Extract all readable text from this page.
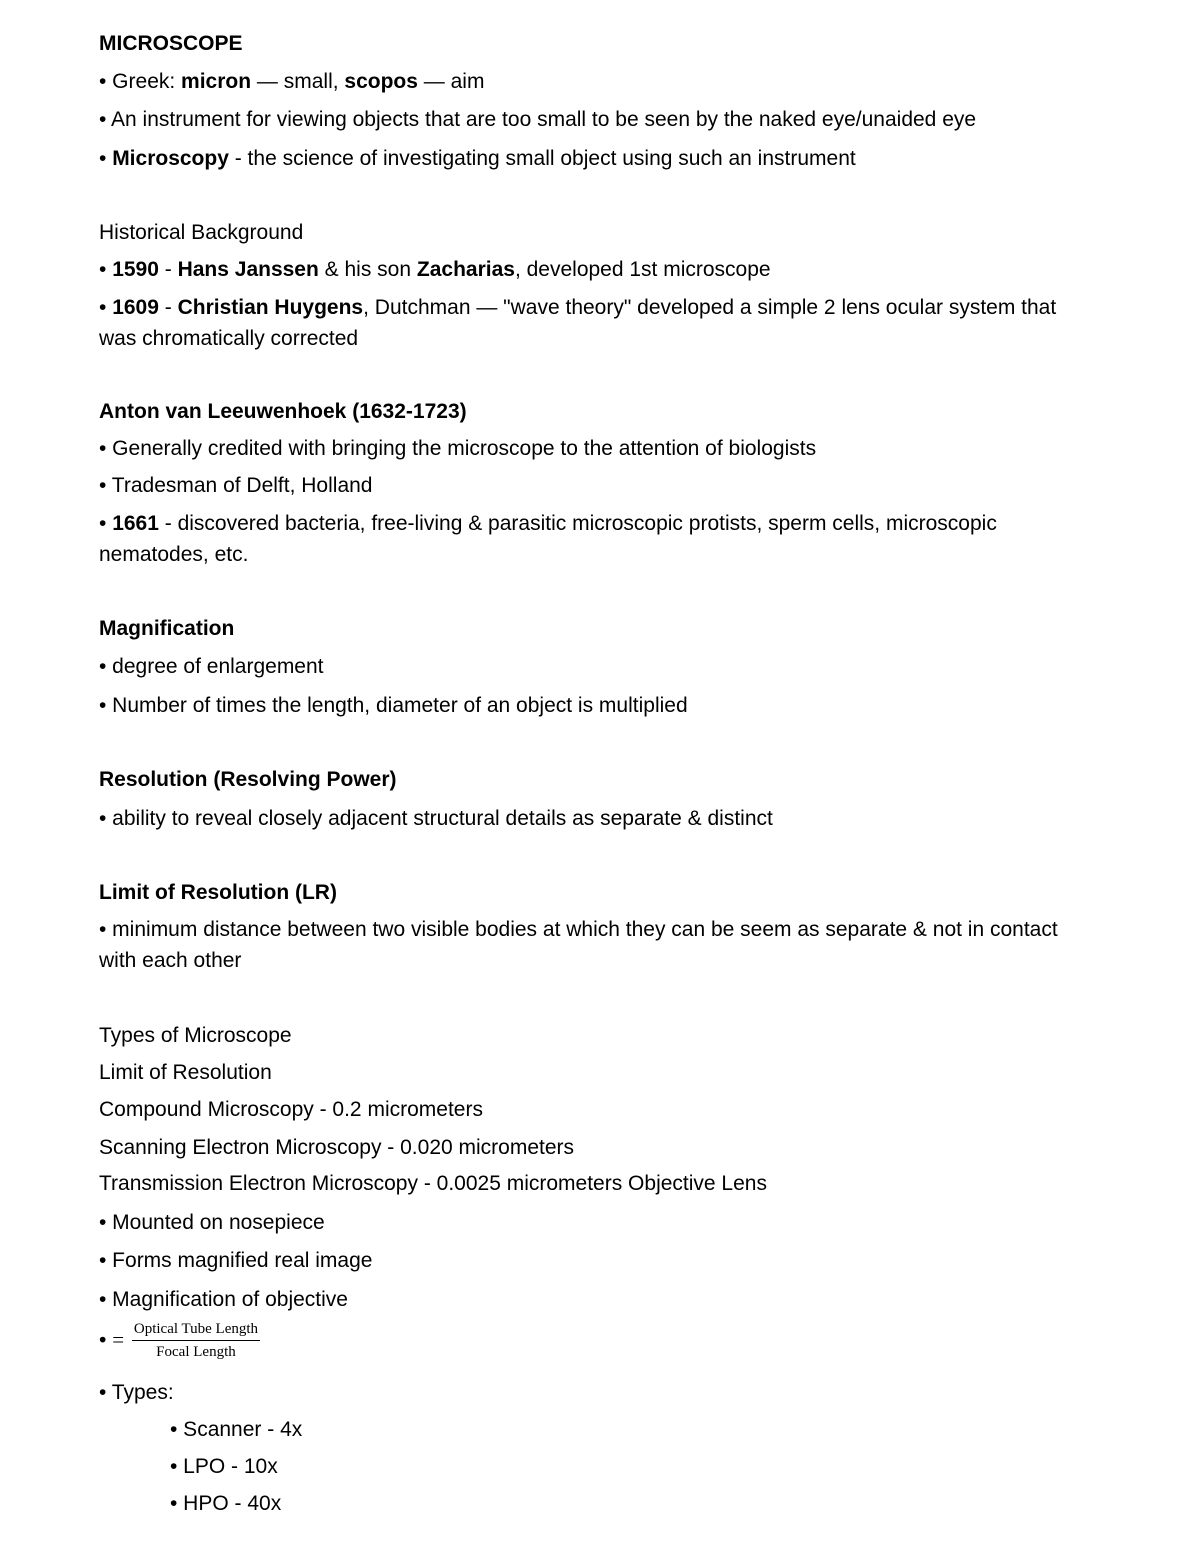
MICROSCOPE
• Greek: micron — small, scopos — aim
• An instrument for viewing objects that are too small to be seen by the naked eye/unaided eye
• Microscopy - the science of investigating small object using such an instrument
Historical Background
• 1590 - Hans Janssen & his son Zacharias, developed 1st microscope
• 1609 - Christian Huygens, Dutchman — "wave theory" developed a simple 2 lens ocular system that was chromatically corrected
Anton van Leeuwenhoek (1632-1723)
• Generally credited with bringing the microscope to the attention of biologists
• Tradesman of Delft, Holland
• 1661 - discovered bacteria, free-living & parasitic microscopic protists, sperm cells, microscopic nematodes, etc.
Magnification
• degree of enlargement
• Number of times the length, diameter of an object is multiplied
Resolution (Resolving Power)
• ability to reveal closely adjacent structural details as separate & distinct
Limit of Resolution (LR)
• minimum distance between two visible bodies at which they can be seem as separate & not in contact with each other
Types of Microscope
Limit of Resolution
Compound Microscopy - 0.2 micrometers
Scanning Electron Microscopy - 0.020 micrometers
Transmission Electron Microscopy - 0.0025 micrometers Objective Lens
• Mounted on nosepiece
• Forms magnified real image
• Magnification of objective
• = $\frac{\text{Optical Tube Length}}{\text{Focal Length}}$
• Types:
• Scanner - 4x
• LPO - 10x
• HPO - 40x
